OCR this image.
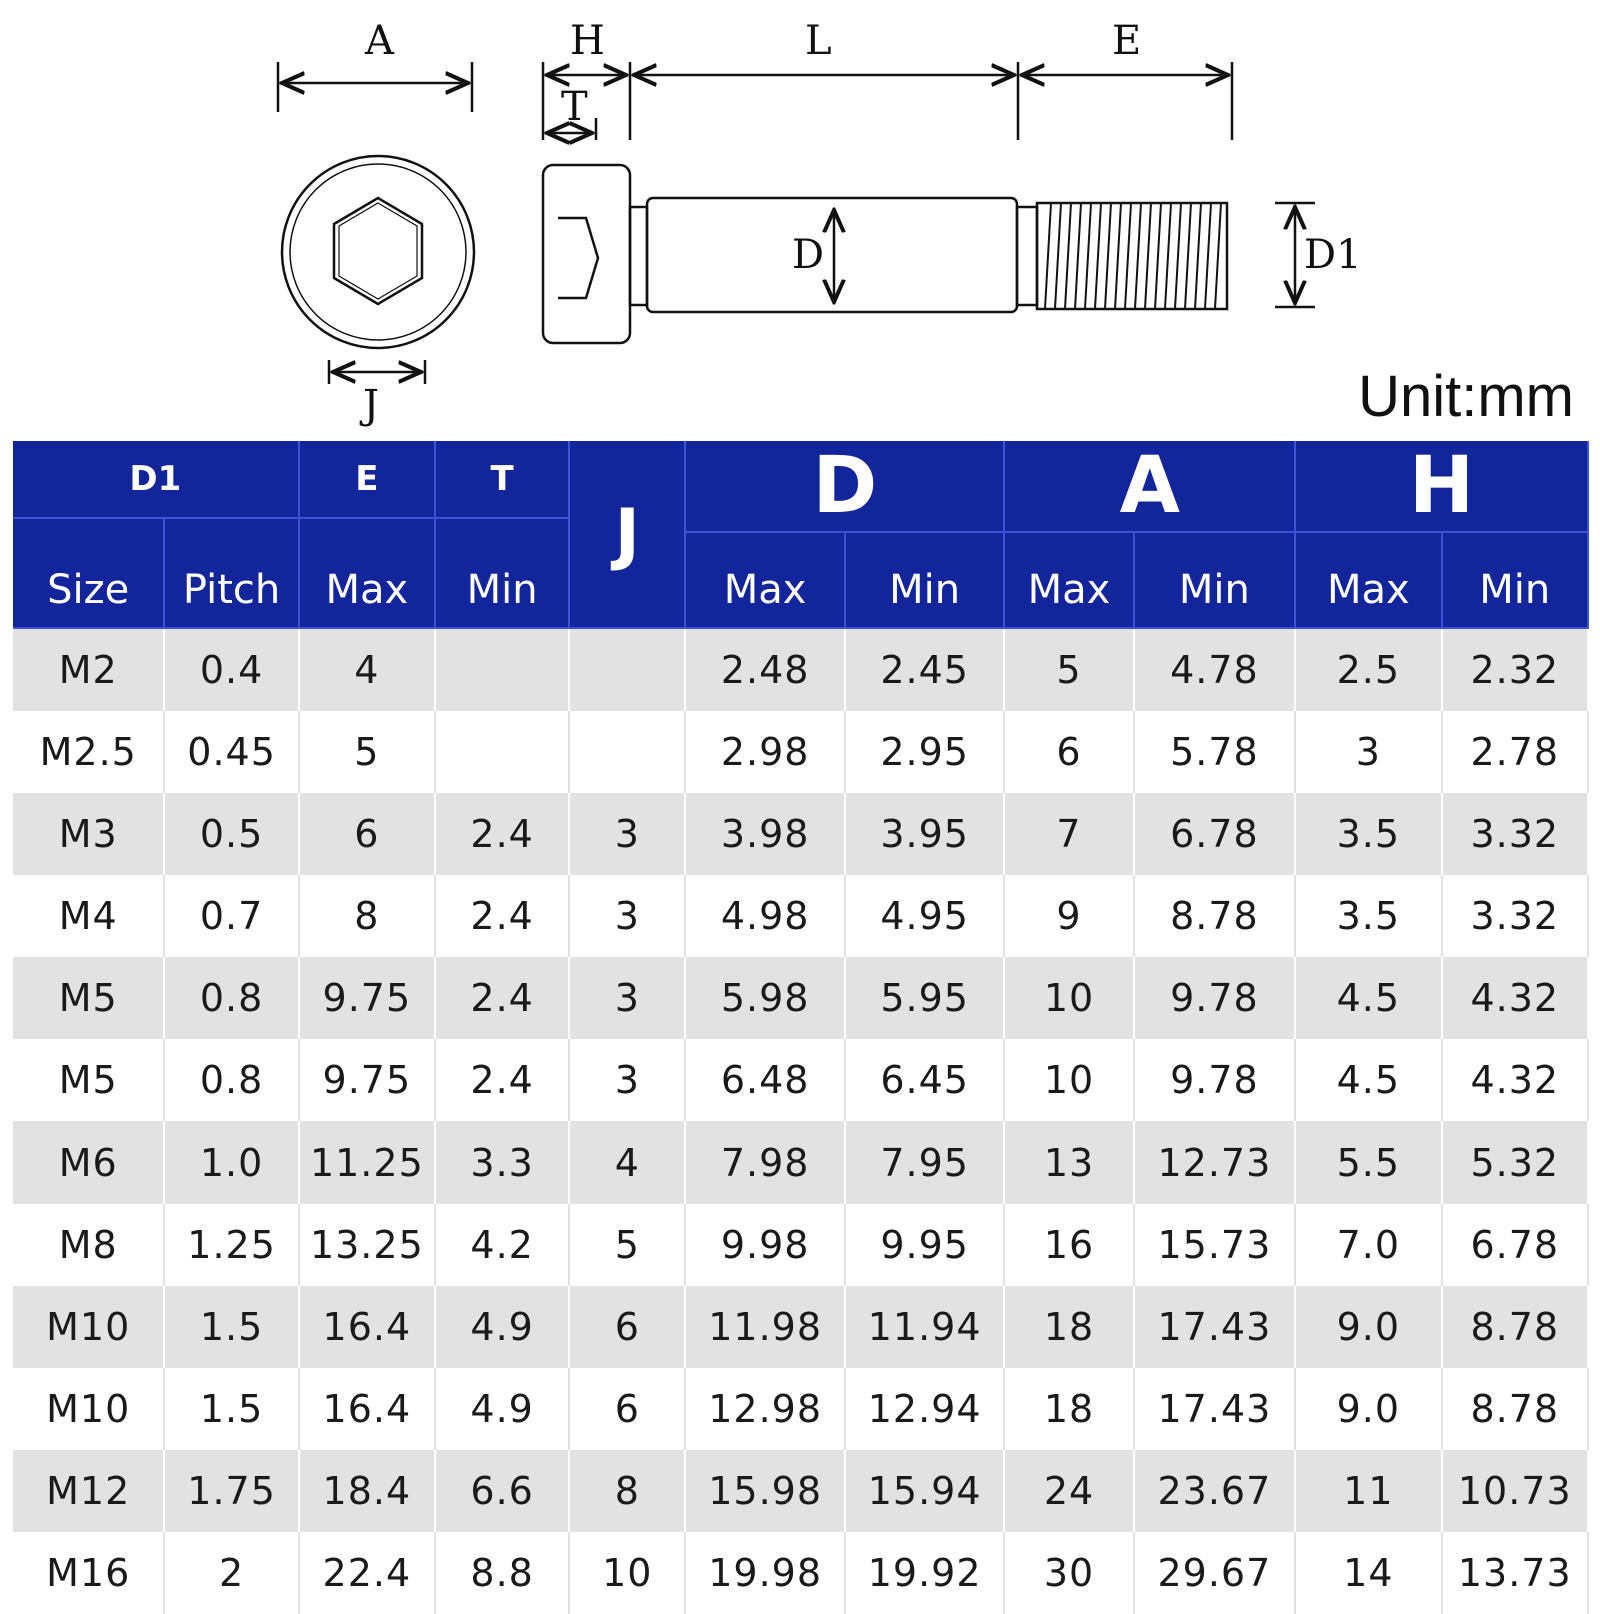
A	H	L	E
T
J
D	D1
Unit:mm
D1		E	T	J	D		A		H	
Size	Pitch	Max	Min							
					Max	Min	Max	Min	Max	Min
M2	0.4	4			2.48	2.45	5	4.78	2.5	2.32
M2.5	0.45	5			2.98	2.95	6	5.78	3	2.78
M3	0.5	6	2.4	3	3.98	3.95	7	6.78	3.5	3.32
M4	0.7	8	2.4	3	4.98	4.95	9	8.78	3.5	3.32
M5	0.8	9.75	2.4	3	5.98	5.95	10	9.78	4.5	4.32
M5	0.8	9.75	2.4	3	6.48	6.45	10	9.78	4.5	4.32
M6	1.0	11.25	3.3	4	7.98	7.95	13	12.73	5.5	5.32
M8	1.25	13.25	4.2	5	9.98	9.95	16	15.73	7.0	6.78
M10	1.5	16.4	4.9	6	11.98	11.94	18	17.43	9.0	8.78
M10	1.5	16.4	4.9	6	12.98	12.94	18	17.43	9.0	8.78
M12	1.75	18.4	6.6	8	15.98	15.94	24	23.67	11	10.73
M16	2	22.4	8.8	10	19.98	19.92	30	29.67	14	13.73
